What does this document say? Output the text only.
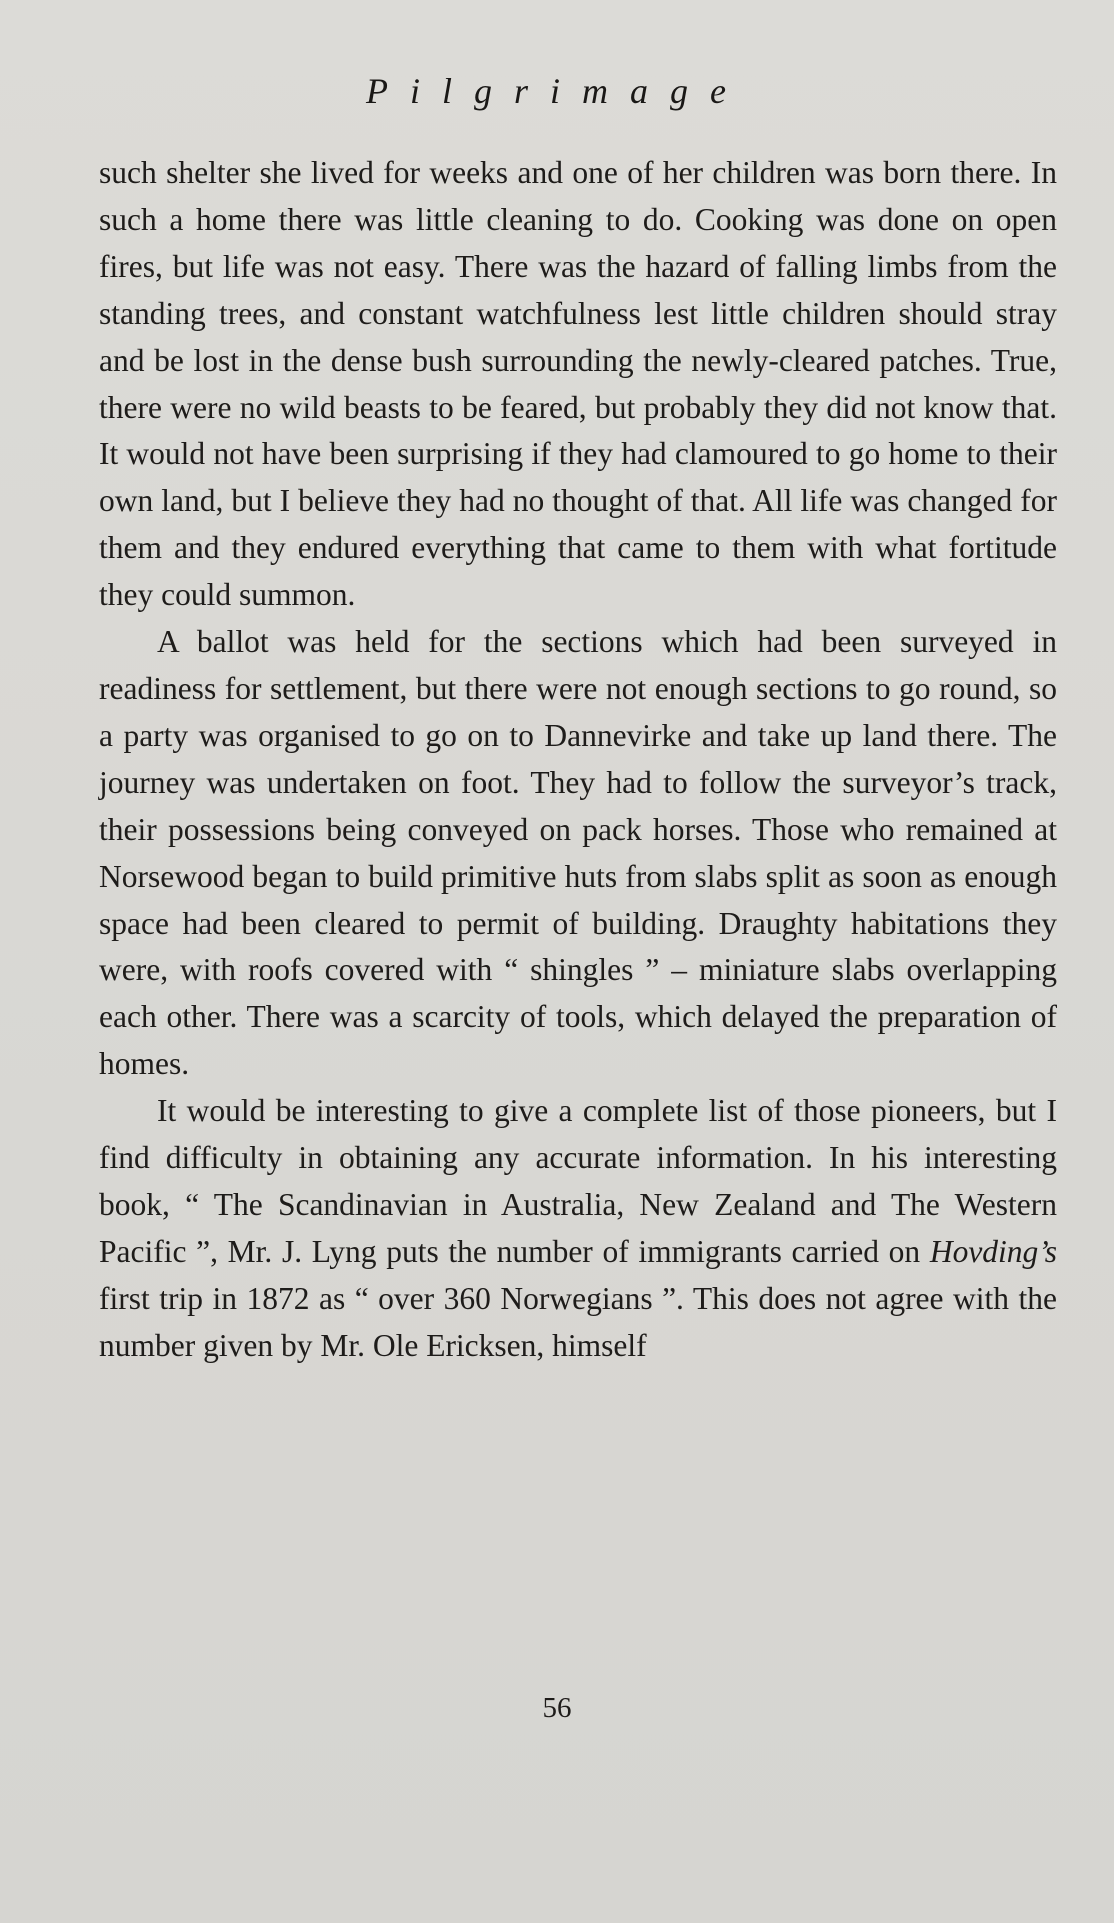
Pilgrimage

such shelter she lived for weeks and one of her children was born there. In such a home there was little cleaning to do. Cooking was done on open fires, but life was not easy. There was the hazard of falling limbs from the standing trees, and constant watchfulness lest little children should stray and be lost in the dense bush surrounding the newly-cleared patches. True, there were no wild beasts to be feared, but probably they did not know that. It would not have been surprising if they had clamoured to go home to their own land, but I believe they had no thought of that. All life was changed for them and they endured everything that came to them with what fortitude they could summon.

A ballot was held for the sections which had been surveyed in readiness for settlement, but there were not enough sections to go round, so a party was organised to go on to Dannevirke and take up land there. The journey was undertaken on foot. They had to follow the surveyor’s track, their possessions being conveyed on pack horses. Those who remained at Norsewood began to build primitive huts from slabs split as soon as enough space had been cleared to permit of building. Draughty habitations they were, with roofs covered with “ shingles ” – miniature slabs overlapping each other. There was a scarcity of tools, which delayed the preparation of homes.

It would be interesting to give a complete list of those pioneers, but I find difficulty in obtaining any accurate information. In his interesting book, “ The Scandinavian in Australia, New Zealand and The Western Pacific ”, Mr. J. Lyng puts the number of immigrants carried on Hovding’s first trip in 1872 as “ over 360 Norwegians ”. This does not agree with the number given by Mr. Ole Ericksen, himself

56
